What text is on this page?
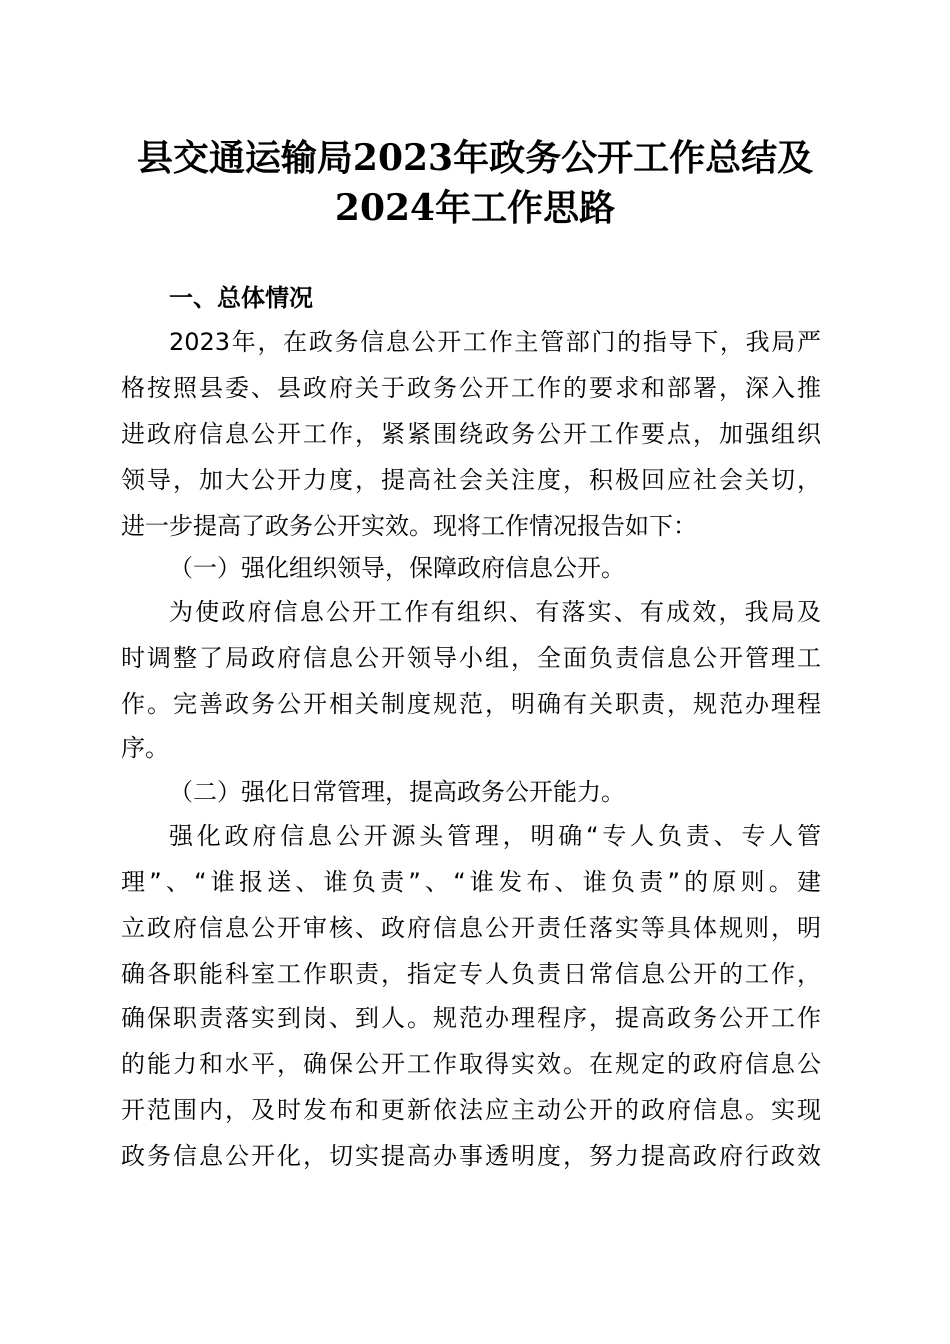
县交通运输局2023年政务公开工作总结及
2024年工作思路
一、总体情况
2023年，在政务信息公开工作主管部门的指导下，我局严
格按照县委、县政府关于政务公开工作的要求和部署，深入推
进政府信息公开工作，紧紧围绕政务公开工作要点，加强组织
领导，加大公开力度，提高社会关注度，积极回应社会关切，
进一步提高了政务公开实效。现将工作情况报告如下：
（一）强化组织领导，保障政府信息公开。
为使政府信息公开工作有组织、有落实、有成效，我局及
时调整了局政府信息公开领导小组，全面负责信息公开管理工
作。完善政务公开相关制度规范，明确有关职责，规范办理程
序。
（二）强化日常管理，提高政务公开能力。
强化政府信息公开源头管理，明确“专人负责、专人管
理”、“谁报送、谁负责”、“谁发布、谁负责”的原则。建
立政府信息公开审核、政府信息公开责任落实等具体规则，明
确各职能科室工作职责，指定专人负责日常信息公开的工作，
确保职责落实到岗、到人。规范办理程序，提高政务公开工作
的能力和水平，确保公开工作取得实效。在规定的政府信息公
开范围内，及时发布和更新依法应主动公开的政府信息。实现
政务信息公开化，切实提高办事透明度，努力提高政府行政效
